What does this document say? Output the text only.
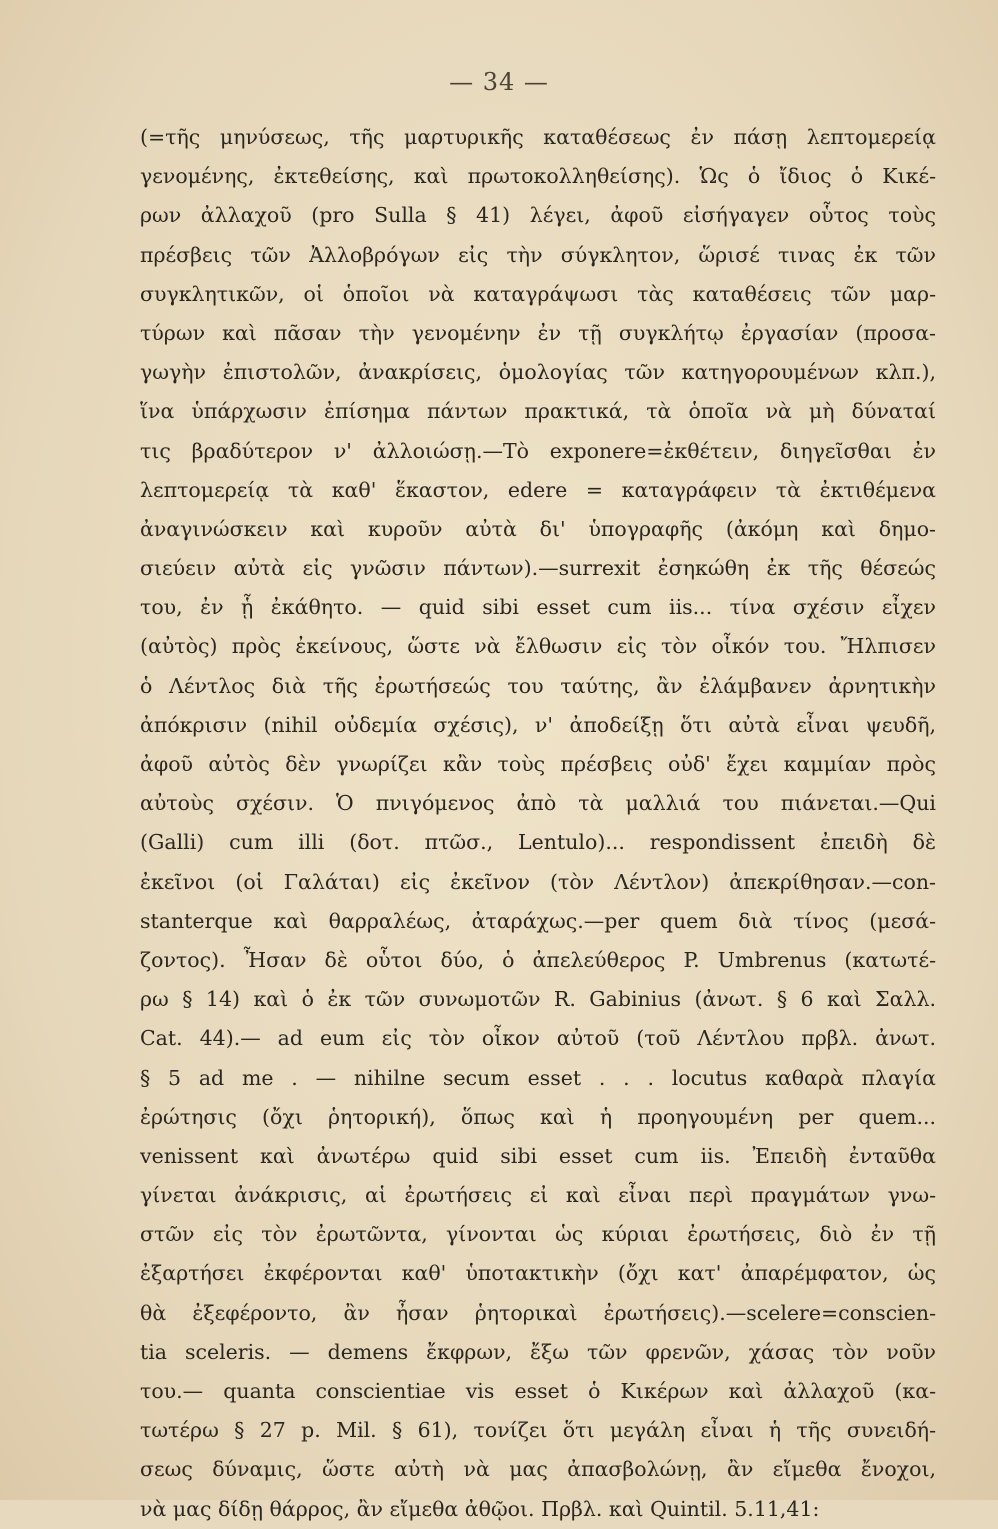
— 34 —
(=τῆς μηνύσεως, τῆς μαρτυρικῆς καταθέσεως ἐν πάσῃ λεπτομερείᾳ
γενομένης, ἐκτεθείσης, καὶ πρωτοκολληθείσης). Ὡς ὁ ἴδιος ὁ Κικέ-
ρων ἀλλαχοῦ (pro Sulla § 41) λέγει, ἀφοῦ εἰσήγαγεν οὗτος τοὺς
πρέσβεις τῶν Ἀλλοβρόγων εἰς τὴν σύγκλητον, ὥρισέ τινας ἐκ τῶν
συγκλητικῶν, οἱ ὁποῖοι νὰ καταγράψωσι τὰς καταθέσεις τῶν μαρ-
τύρων καὶ πᾶσαν τὴν γενομένην ἐν τῇ συγκλήτῳ ἐργασίαν (προσα-
γωγὴν ἐπιστολῶν, ἀνακρίσεις, ὁμολογίας τῶν κατηγορουμένων κλπ.),
ἵνα ὑπάρχωσιν ἐπίσημα πάντων πρακτικά, τὰ ὁποῖα νὰ μὴ δύναταί
τις βραδύτερον ν' ἀλλοιώσῃ.—Τὸ exponere=ἐκθέτειν, διηγεῖσθαι ἐν
λεπτομερείᾳ τὰ καθ' ἕκαστον, edere = καταγράφειν τὰ ἐκτιθέμενα
ἀναγινώσκειν καὶ κυροῦν αὐτὰ δι' ὑπογραφῆς (ἀκόμη καὶ δημο-
σιεύειν αὐτὰ εἰς γνῶσιν πάντων).—surrexit ἐσηκώθη ἐκ τῆς θέσεώς
του, ἐν ᾗ ἐκάθητο. — quid sibi esset cum iis... τίνα σχέσιν εἶχεν
(αὐτὸς) πρὸς ἐκείνους, ὥστε νὰ ἔλθωσιν εἰς τὸν οἶκόν του. Ἤλπισεν
ὁ Λέντλος διὰ τῆς ἐρωτήσεώς του ταύτης, ἂν ἐλάμβανεν ἀρνητικὴν
ἀπόκρισιν (nihil οὐδεμία σχέσις), ν' ἀποδείξῃ ὅτι αὐτὰ εἶναι ψευδῆ,
ἀφοῦ αὐτὸς δὲν γνωρίζει κἂν τοὺς πρέσβεις οὐδ' ἔχει καμμίαν πρὸς
αὐτοὺς σχέσιν. Ὁ πνιγόμενος ἀπὸ τὰ μαλλιά του πιάνεται.—Qui
(Galli) cum illi (δοτ. πτῶσ., Lentulo)... respondissent ἐπειδὴ δὲ
ἐκεῖνοι (οἱ Γαλάται) εἰς ἐκεῖνον (τὸν Λέντλον) ἀπεκρίθησαν.—con-
stanterque καὶ θαρραλέως, ἀταράχως.—per quem διὰ τίνος (μεσά-
ζοντος). Ἦσαν δὲ οὗτοι δύο, ὁ ἀπελεύθερος P. Umbrenus (κατωτέ-
ρω § 14) καὶ ὁ ἐκ τῶν συνωμοτῶν R. Gabinius (ἀνωτ. § 6 καὶ Σαλλ.
Cat. 44).— ad eum εἰς τὸν οἶκον αὐτοῦ (τοῦ Λέντλου πρβλ. ἀνωτ.
§ 5 ad me . — nihilne secum esset . . . locutus καθαρὰ πλαγία
ἐρώτησις (ὄχι ῥητορική), ὅπως καὶ ἡ προηγουμένη per quem...
venissent καὶ ἀνωτέρω quid sibi esset cum iis. Ἐπειδὴ ἐνταῦθα
γίνεται ἀνάκρισις, αἱ ἐρωτήσεις εἰ καὶ εἶναι περὶ πραγμάτων γνω-
στῶν εἰς τὸν ἐρωτῶντα, γίνονται ὡς κύριαι ἐρωτήσεις, διὸ ἐν τῇ
ἐξαρτήσει ἐκφέρονται καθ' ὑποτακτικὴν (ὄχι κατ' ἀπαρέμφατον, ὡς
θὰ ἐξεφέροντο, ἂν ἦσαν ῥητορικαὶ ἐρωτήσεις).—scelere=conscien-
tia sceleris. — demens ἔκφρων, ἔξω τῶν φρενῶν, χάσας τὸν νοῦν
του.— quanta conscientiae vis esset ὁ Κικέρων καὶ ἀλλαχοῦ (κα-
τωτέρω § 27 p. Mil. § 61), τονίζει ὅτι μεγάλη εἶναι ἡ τῆς συνειδή-
σεως δύναμις, ὥστε αὐτὴ νὰ μας ἀπασβολώνῃ, ἂν εἴμεθα ἔνοχοι,
νὰ μας δίδῃ θάρρος, ἂν εἴμεθα ἀθῷοι. Πρβλ. καὶ Quintil. 5.11,41:
